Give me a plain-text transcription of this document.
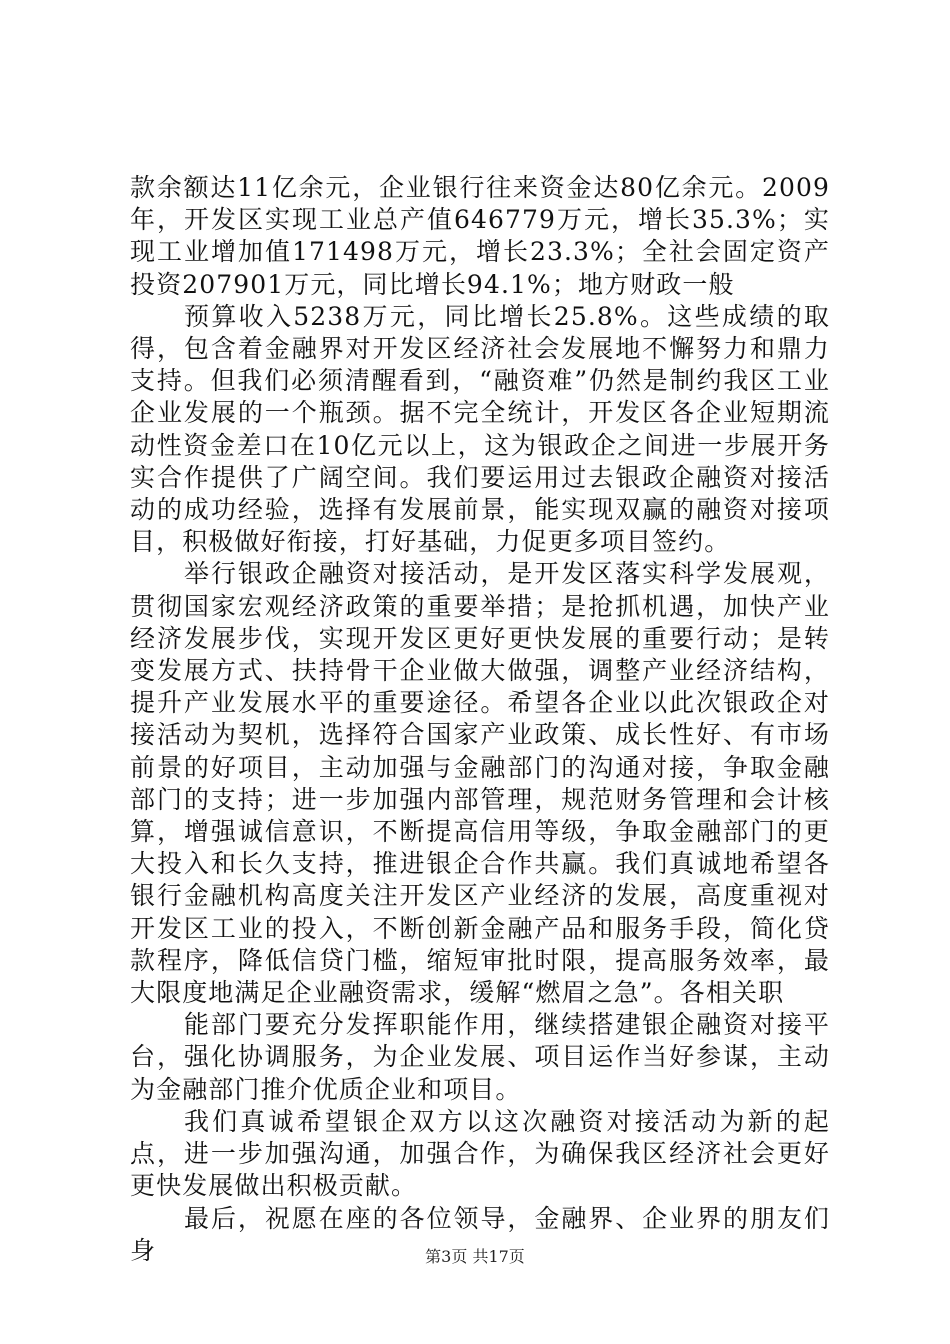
款余额达11亿余元，企业银行往来资金达80亿余元。2009年，开发区实现工业总产值646779万元，增长35.3%；实现工业增加值171498万元，增长23.3%；全社会固定资产投资207901万元，同比增长94.1%；地方财政一般

预算收入5238万元，同比增长25.8%。这些成绩的取得，包含着金融界对开发区经济社会发展地不懈努力和鼎力支持。但我们必须清醒看到，“融资难”仍然是制约我区工业企业发展的一个瓶颈。据不完全统计，开发区各企业短期流动性资金差口在10亿元以上，这为银政企之间进一步展开务实合作提供了广阔空间。我们要运用过去银政企融资对接活动的成功经验，选择有发展前景，能实现双赢的融资对接项目，积极做好衔接，打好基础，力促更多项目签约。

举行银政企融资对接活动，是开发区落实科学发展观，贯彻国家宏观经济政策的重要举措；是抢抓机遇，加快产业经济发展步伐，实现开发区更好更快发展的重要行动；是转变发展方式、扶持骨干企业做大做强，调整产业经济结构，提升产业发展水平的重要途径。希望各企业以此次银政企对接活动为契机，选择符合国家产业政策、成长性好、有市场前景的好项目，主动加强与金融部门的沟通对接，争取金融部门的支持；进一步加强内部管理，规范财务管理和会计核算，增强诚信意识，不断提高信用等级，争取金融部门的更大投入和长久支持，推进银企合作共赢。我们真诚地希望各银行金融机构高度关注开发区产业经济的发展，高度重视对开发区工业的投入，不断创新金融产品和服务手段，简化贷款程序，降低信贷门槛，缩短审批时限，提高服务效率，最大限度地满足企业融资需求，缓解“燃眉之急”。各相关职

能部门要充分发挥职能作用，继续搭建银企融资对接平台，强化协调服务，为企业发展、项目运作当好参谋，主动为金融部门推介优质企业和项目。

我们真诚希望银企双方以这次融资对接活动为新的起点，进一步加强沟通，加强合作，为确保我区经济社会更好更快发展做出积极贡献。

最后，祝愿在座的各位领导，金融界、企业界的朋友们身	第3页 共17页
